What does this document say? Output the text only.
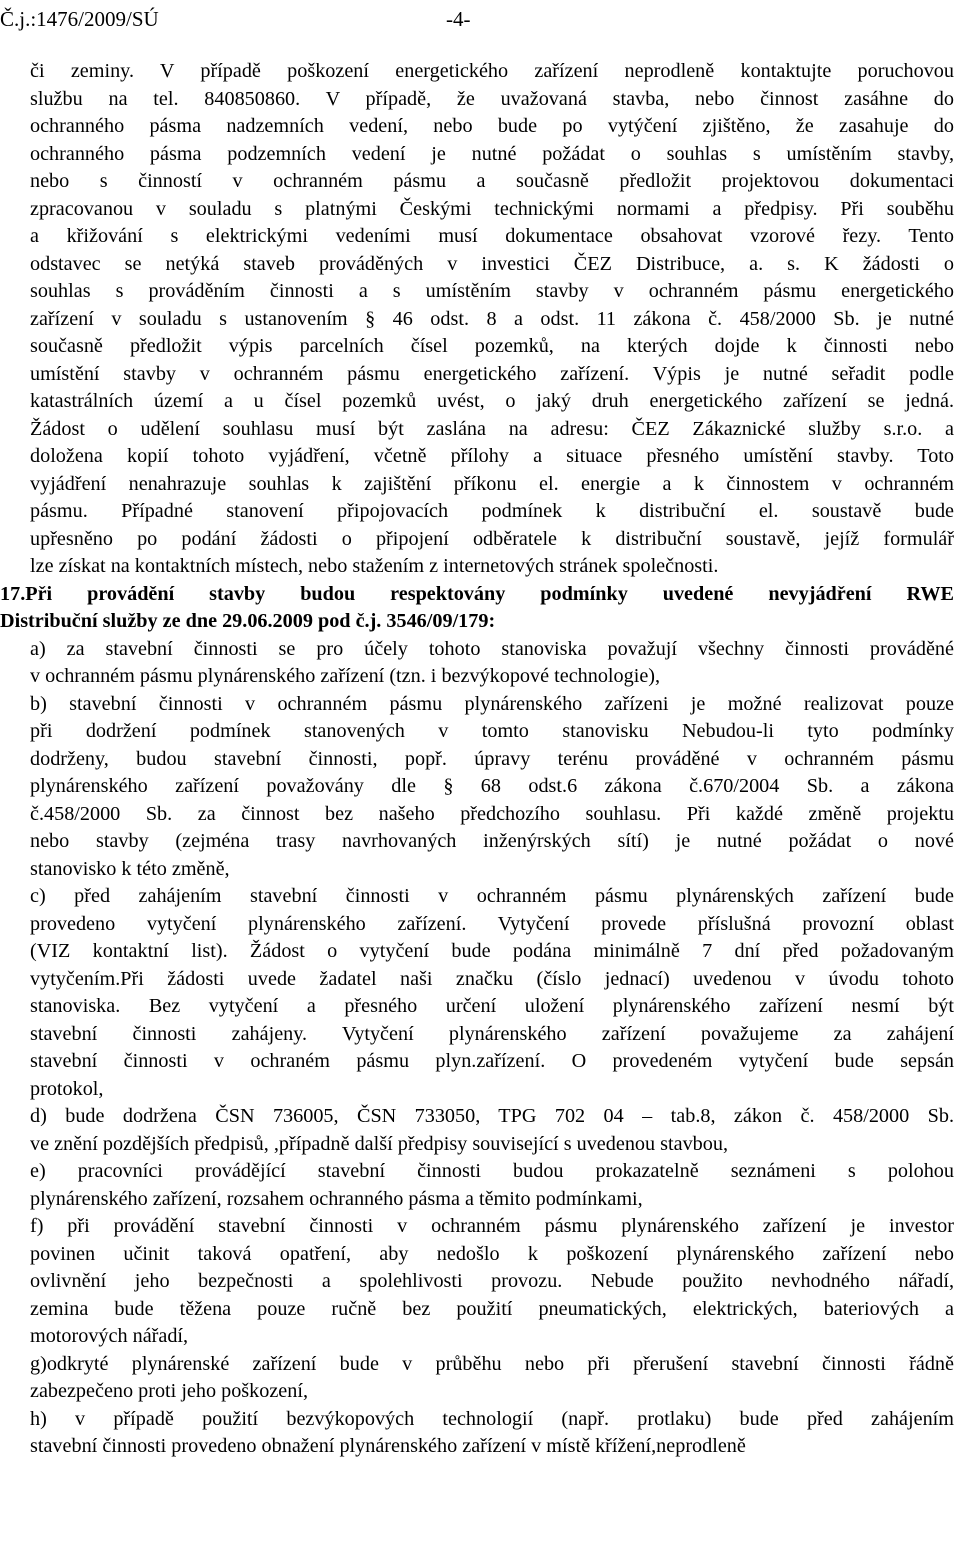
Č.j.:1476/2009/SÚ	-4-
či zeminy. V případě poškození energetického zařízení neprodleně kontaktujte poruchovou
službu na tel. 840850860. V případě, že uvažovaná stavba, nebo činnost zasáhne do
ochranného pásma nadzemních vedení, nebo bude po vytýčení zjištěno, že zasahuje do
ochranného pásma podzemních vedení je nutné požádat o souhlas s umístěním stavby,
nebo s činností v ochranném pásmu a současně předložit projektovou dokumentaci
zpracovanou v souladu s platnými Českými technickými normami a předpisy. Při souběhu
a křižování s elektrickými vedeními musí dokumentace obsahovat vzorové řezy. Tento
odstavec se netýká staveb prováděných v investici ČEZ Distribuce, a. s. K žádosti o
souhlas s prováděním činnosti a s umístěním stavby v ochranném pásmu energetického
zařízení v souladu s ustanovením § 46 odst. 8 a odst. 11 zákona č. 458/2000 Sb. je nutné
současně předložit výpis parcelních čísel pozemků, na kterých dojde k činnosti nebo
umístění stavby v ochranném pásmu energetického zařízení. Výpis je nutné seřadit podle
katastrálních území a u čísel pozemků uvést, o jaký druh energetického zařízení se jedná.
Žádost o udělení souhlasu musí být zaslána na adresu: ČEZ Zákaznické služby s.r.o. a
doložena kopií tohoto vyjádření, včetně přílohy a situace přesného umístění stavby. Toto
vyjádření nenahrazuje souhlas k zajištění příkonu el. energie a k činnostem v ochranném
pásmu. Případné stanovení připojovacích podmínek k distribuční el. soustavě bude
upřesněno po podání žádosti o připojení odběratele k distribuční soustavě, jejíž formulář
lze získat na kontaktních místech, nebo stažením z internetových stránek společnosti.
17.Při provádění stavby budou respektovány podmínky uvedené nevyjádření RWE
Distribuční služby ze dne 29.06.2009 pod č.j. 3546/09/179:
a) za stavební činnosti se pro účely tohoto stanoviska považují všechny činnosti prováděné
v ochranném pásmu plynárenského zařízení (tzn. i bezvýkopové technologie),
b) stavební činnosti v ochranném pásmu plynárenského zařízeni je možné realizovat pouze
při dodržení podmínek stanovených v tomto stanovisku Nebudou-li tyto podmínky
dodrženy, budou stavební činnosti, popř. úpravy terénu prováděné v ochranném pásmu
plynárenského zařízení považovány dle § 68 odst.6 zákona č.670/2004 Sb. a zákona
č.458/2000 Sb. za činnost bez našeho předchozího souhlasu. Při každé změně projektu
nebo stavby (zejména trasy navrhovaných inženýrských sítí) je nutné požádat o nové
stanovisko k této změně,
c) před zahájením stavební činnosti v ochranném pásmu plynárenských zařízení bude
provedeno vytyčení plynárenského zařízení. Vytyčení provede příslušná provozní oblast
(VIZ kontaktní list). Žádost o vytyčení bude podána minimálně 7 dní před požadovaným
vytyčením.Při žádosti uvede žadatel naši značku (číslo jednací) uvedenou v úvodu tohoto
stanoviska. Bez vytyčení a přesného určení uložení plynárenského zařízení nesmí být
stavební činnosti zahájeny. Vytyčení plynárenského zařízení považujeme za zahájení
stavební činnosti v ochraném pásmu plyn.zařízení. O provedeném vytyčení bude sepsán
protokol,
d) bude dodržena ČSN 736005, ČSN 733050, TPG 702 04 – tab.8, zákon č. 458/2000 Sb.
ve znění pozdějších předpisů, ,případně další předpisy související s uvedenou stavbou,
e) pracovníci provádějící stavební činnosti budou prokazatelně seznámeni s polohou
plynárenského zařízení, rozsahem ochranného pásma a těmito podmínkami,
f) při provádění stavební činnosti v ochranném pásmu plynárenského zařízení je investor
povinen učinit taková opatření, aby nedošlo k poškození plynárenského zařízení nebo
ovlivnění jeho bezpečnosti a spolehlivosti provozu. Nebude použito nevhodného nářadí,
zemina bude těžena pouze ručně bez použití pneumatických, elektrických, bateriových a
motorových nářadí,
g)odkryté plynárenské zařízení bude v průběhu nebo při přerušení stavební činnosti řádně
zabezpečeno proti jeho poškození,
h) v případě použití bezvýkopových technologií (např. protlaku) bude před zahájením
stavební činnosti provedeno obnažení plynárenského zařízení v místě křížení,neprodleně
